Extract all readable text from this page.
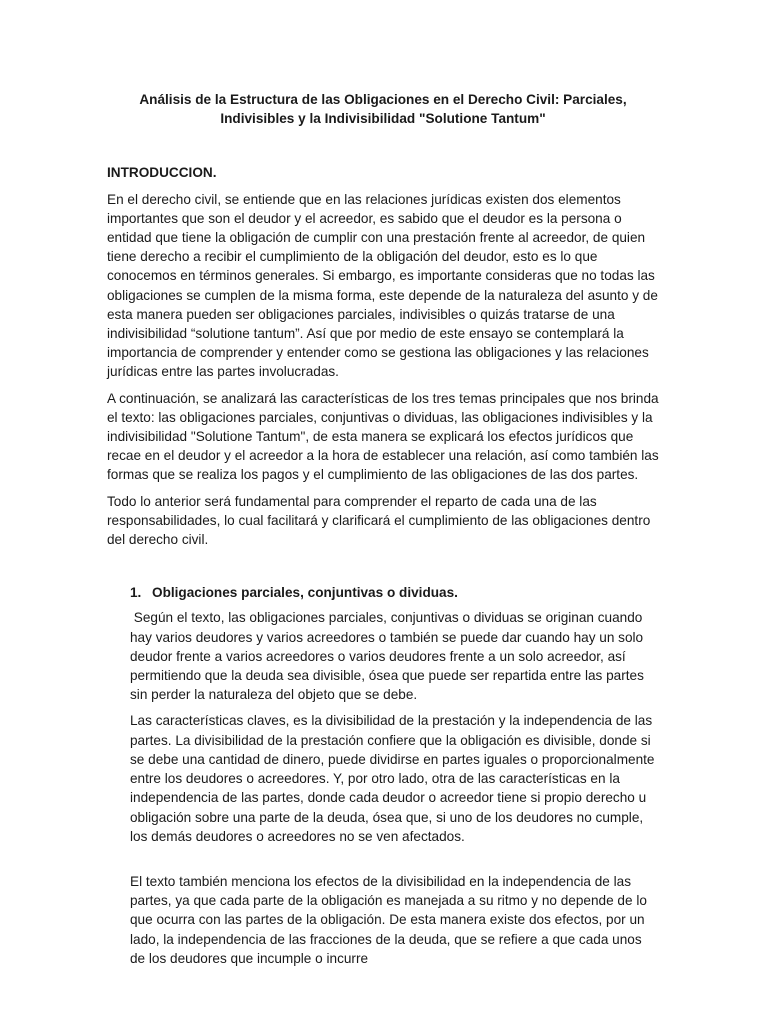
Análisis de la Estructura de las Obligaciones en el Derecho Civil: Parciales, Indivisibles y la Indivisibilidad "Solutione Tantum"
INTRODUCCION.

En el derecho civil, se entiende que en las relaciones jurídicas existen dos elementos importantes que son el deudor y el acreedor, es sabido que el deudor es la persona o entidad que tiene la obligación de cumplir con una prestación frente al acreedor, de quien tiene derecho a recibir el cumplimiento de la obligación del deudor, esto es lo que conocemos en términos generales. Si embargo, es importante consideras que no todas las obligaciones se cumplen de la misma forma, este depende de la naturaleza del asunto y de esta manera pueden ser obligaciones parciales, indivisibles o quizás tratarse de una indivisibilidad “solutione tantum”. Así que por medio de este ensayo se contemplará la importancia de comprender y entender como se gestiona las obligaciones y las relaciones jurídicas entre las partes involucradas.

A continuación, se analizará las características de los tres temas principales que nos brinda el texto: las obligaciones parciales, conjuntivas o dividuas, las obligaciones indivisibles y la indivisibilidad "Solutione Tantum", de esta manera se explicará los efectos jurídicos que recae en el deudor y el acreedor a la hora de establecer una relación, así como también las formas que se realiza los pagos y el cumplimiento de las obligaciones de las dos partes.

Todo lo anterior será fundamental para comprender el reparto de cada una de las responsabilidades, lo cual facilitará y clarificará el cumplimiento de las obligaciones dentro del derecho civil.

1. Obligaciones parciales, conjuntivas o dividuas.

Según el texto, las obligaciones parciales, conjuntivas o dividuas se originan cuando hay varios deudores y varios acreedores o también se puede dar cuando hay un solo deudor frente a varios acreedores o varios deudores frente a un solo acreedor, así permitiendo que la deuda sea divisible, ósea que puede ser repartida entre las partes sin perder la naturaleza del objeto que se debe.

Las características claves, es la divisibilidad de la prestación y la independencia de las partes. La divisibilidad de la prestación confiere que la obligación es divisible, donde si se debe una cantidad de dinero, puede dividirse en partes iguales o proporcionalmente entre los deudores o acreedores. Y, por otro lado, otra de las características en la independencia de las partes, donde cada deudor o acreedor tiene si propio derecho u obligación sobre una parte de la deuda, ósea que, si uno de los deudores no cumple, los demás deudores o acreedores no se ven afectados.

El texto también menciona los efectos de la divisibilidad en la independencia de las partes, ya que cada parte de la obligación es manejada a su ritmo y no depende de lo que ocurra con las partes de la obligación. De esta manera existe dos efectos, por un lado, la independencia de las fracciones de la deuda, que se refiere a que cada unos de los deudores que incumple o incurre
